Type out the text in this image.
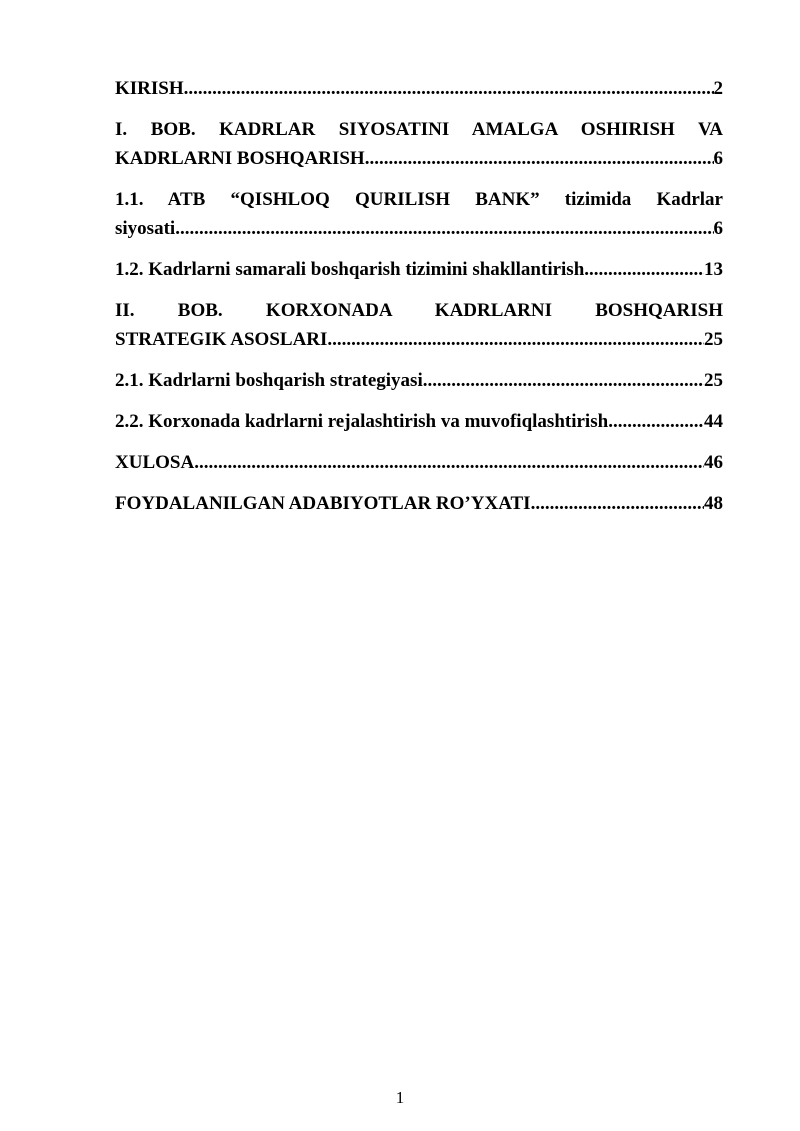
KIRISH .....	2
I. BOB. KADRLAR SIYOSATINI AMALGA OSHIRISH VA
KADRLARNI BOSHQARISH .....	6
1.1. ATB “QISHLOQ QURILISH BANK” tizimida Kadrlar
siyosati .....	6
1.2. Kadrlarni samarali boshqarish tizimini shakllantirish .....	13
II. BOB. KORXONADA KADRLARNI BOSHQARISH
STRATEGIK ASOSLARI .....	25
2.1. Kadrlarni boshqarish strategiyasi .....	25
2.2. Korxonada kadrlarni rejalashtirish va muvofiqlashtirish .....	44
XULOSA .....	46
FOYDALANILGAN ADABIYOTLAR RO’YXATI .....	48
1
